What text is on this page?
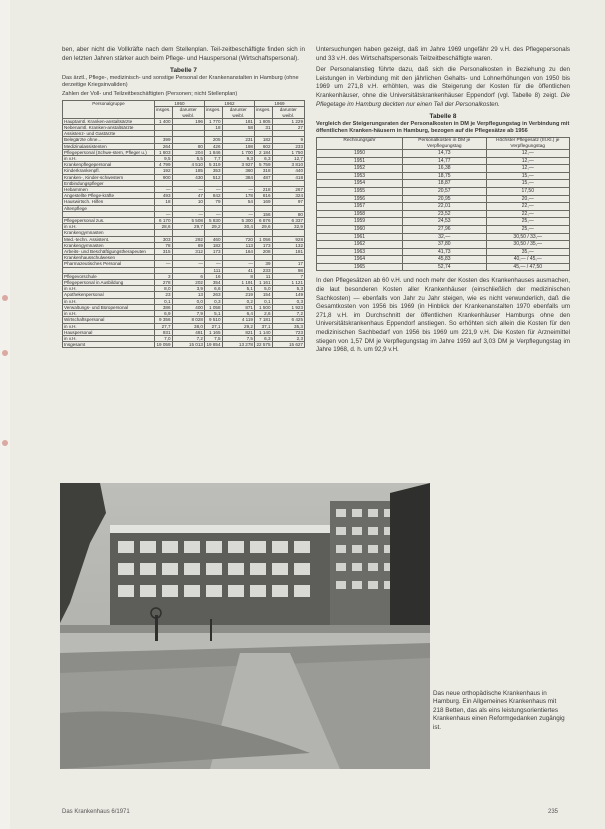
ben, aber nicht die Vollkräfte nach dem Stellenplan. Teil-zeitbeschäftigte finden sich in den letzten Jahren stärker auch beim Pflege- und Hauspersonal (Wirtschaftspersonal).

Tabelle 7
Das ärztl., Pflege-, medizinisch- und sonstige Personal der Krankenanstalten in Hamburg (ohne derzeitige Kriegsinvaliden)
Zahlen der Voll- und Teilzeitbeschäftigten (Personen; nicht Stellenplan)
Personalgruppe	1950		1962		1969	
	insges.	darunter weibl.	insges.	darunter weibl.	insges.	darunter weibl.
Hauptamtl. Kranken-anstaltsärzte	1 400	196	1 770	181	1 805	1 229
Nebenamtl. Kranken-anstaltsärzte			18	58	31	27
Assistenz- und Gastärzte						
Belegärzte ohne...	399		205	231	182	9
Medizinalassistenten	264	80	426	198	602	233
Pflegepersonal (Schwe-stern, Pfleger u.)	1 803	204	1 846	1 700	2 184	1 750
in v.H.	9,5	5,5	7,7	9,3	6,3	12,7
Krankenpflegepersonal	4 799	4 510	5 319	3 927	5 759	3 810
Kinderkrankenpfl.	192	185	353	360	318	440
Kranken-, Kinder-schwestern	900	430	512	384	487	418
Entbindungspfleger						
Hebammen	—	—	—	—	218	267
Angestellte Pflege-kräfte	493	47	842	178	816	324
Hauswirtsch. Hilfen	18	10	79	54	169	97
Altenpflege						
	—	—	—	—	156	80
Pflegepersonal zus.	6 170	5 508	5 830	5 300	6 876	6 337
in v.H.	28,6	29,7	29,2	30,4	29,6	32,9
Krankengymnasten						
Med.-techn. Assistent.	303	292	460	720	1 056	928
Krankengymnasten	78	69	182	113	173	132
Arbeits- und Beschäftigungstherapeuten	315	312	173	164	208	181
Krankenhausschulwesen						
Pharmazeutisches Personal	—	—	—	—	39	17
			111	41	233	98
Pflegevorschule	3	6	16	8	11	7
Pflegepersonal in Ausbildung	278	202	354	1 191	1 161	1 121
in v.H.	8,0	3,9	6,6	5,1	5,0	5,3
Apothekenpersonal	23	13	263	219	154	149
in v.H.	0,1	0,0	0,3	0,2	0,1	0,3
Verwaltungs- und Büropersonal	386	400	1 058	871	1 500	1 923
in v.H.	6,9	7,9	5,1	6,4	2,6	7,2
Wirtschaftspersonal	9 356	8 028	9 510	4 119	7 181	6 425
in v.H.	27,7	38,0	27,1	29,2	37,1	35,3
Hauspersonal	931	481	1 165	821	1 140	723
in v.H.	7,0	7,2	7,5	7,5	6,3	2,3
Insgesamt	19 059	15 013	19 854	13 278	22 575	15 627

Untersuchungen haben gezeigt, daß im Jahre 1969 ungefähr 29 v.H. des Pflegepersonals und 33 v.H. des Wirtschaftspersonals Teilzeitbeschäftigte waren.

Der Personalanstieg führte dazu, daß sich die Personalkosten in Beziehung zu den Leistungen in Verbindung mit den jährlichen Gehalts- und Lohnerhöhungen von 1950 bis 1969 um 271,8 v.H. erhöhten, was die Steigerung der Kosten für die öffentlichen Krankenhäuser, ohne die Universitätskrankenhäuser Eppendorf (vgl. Tabelle 8) zeigt. Die Pflegetage im Hamburg deckten nur einen Teil der Personalkosten.

Tabelle 8
Vergleich der Steigerungsraten der Personalkosten in DM je Verpflegungstag in Verbindung mit öffentlichen Kranken-häusern in Hamburg, bezogen auf die Pflegesätze ab 1956
Rechnungsjahr	Personalkosten in DM je Verpflegungstag	Höchster Pflegesatz (III.Kl.) je Verpflegungstag
1950	14,73	12,—
1951	14,77	12,—
1952	16,38	12,—
1953	18,75	15,—
1954	18,87	15,—
1955	20,57	17,50
1956	20,95	20,—
1957	22,01	22,—
1958	23,52	22,—
1959	24,53	25,—
1960	27,96	25,—
1961	32,—	30,50 / 33,—
1962	37,80	30,50 / 35,—
1963	41,73	35,—
1964	45,83	40,— / 45,—
1965	52,74	45,— / 47,50

In den Pflegesätzen ab 60 v.H. und noch mehr der Kosten des Krankenhauses ausmachen, die laut besonderen Kosten aller Krankenhäuser (einschließlich der medizinischen Sachkosten) — ebenfalls von Jahr zu Jahr steigen, wie es nicht verwunderlich, daß die Gesamtkosten von 1956 bis 1969 (in Hinblick der Krankenanstalten 1970 ebenfalls um 271,8 v.H. im Durchschnitt der öffentlichen Krankenhäuser Hamburgs ohne den Universitätskrankenhaus Eppendorf anstiegen. So erhöhten sich allein die Kosten für den medizinischen Sachbedarf von 1956 bis 1969 um 221,9 v.H. Die Kosten für Arzneimittel stiegen von 1,57 DM je Verpflegungstag im Jahre 1959 auf 3,03 DM je Verpflegungstag im Jahre 1968, d. h. um 92,9 v.H.

Das neue orthopädische Krankenhaus in Hamburg. Ein Allgemeines Krankenhaus mit 218 Betten, das als eins leistungsorientiertes Krankenhaus einen Reformgedanken zugängig ist.
Das Krankenhaus 6/1971	235
